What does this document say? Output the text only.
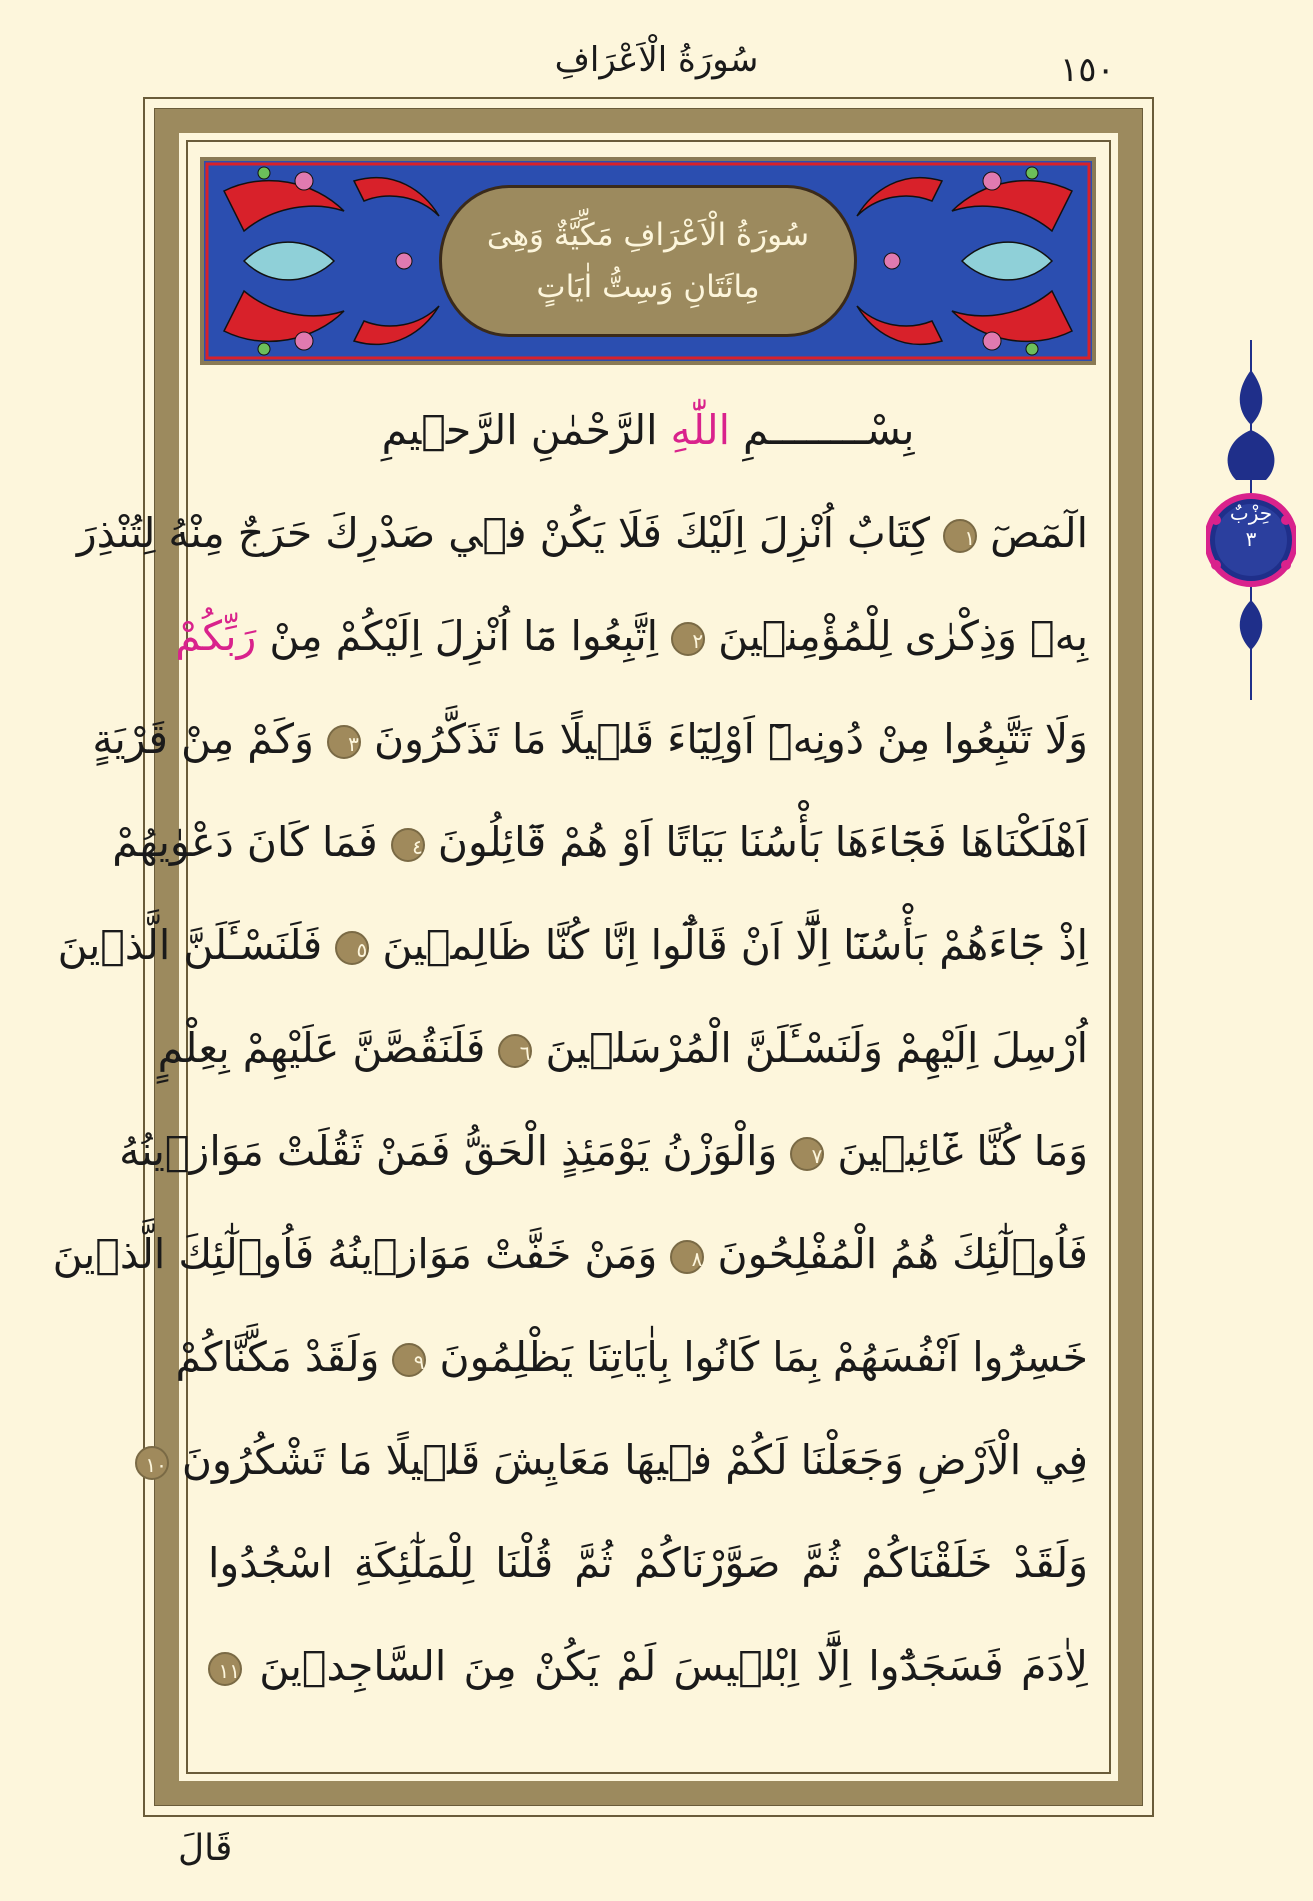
١٥٠
سُورَةُ الْاَعْرَافِ
سُورَةُ الْاَعْرَافِ مَكِّيَّةٌ وَهِىَ
مِائَتَانِ وَسِتُّ اٰيَاتٍ
بِسْــــــــمِ اللّٰهِ الرَّحْمٰنِ الرَّح۪يمِ
الٓمٓصٓ ١ كِتَابٌ اُنْزِلَ اِلَيْكَ فَلَا يَكُنْ ف۪ي صَدْرِكَ حَرَجٌ مِنْهُ لِتُنْذِرَ
بِه۪ وَذِكْرٰى لِلْمُؤْمِن۪ينَ ٢ اِتَّبِعُوا مَٓا اُنْزِلَ اِلَيْكُمْ مِنْ رَبِّكُمْ
وَلَا تَتَّبِعُوا مِنْ دُونِه۪ٓ اَوْلِيَٓاءَ قَل۪يلًا مَا تَذَكَّرُونَ ٣ وَكَمْ مِنْ قَرْيَةٍ
اَهْلَكْنَاهَا فَجَٓاءَهَا بَأْسُنَا بَيَاتًا اَوْ هُمْ قَٓائِلُونَ ٤ فَمَا كَانَ دَعْوٰيهُمْ
اِذْ جَٓاءَهُمْ بَأْسُنَٓا اِلَّٓا اَنْ قَالُٓوا اِنَّا كُنَّا ظَالِم۪ينَ ٥ فَلَنَسْـَٔلَنَّ الَّذ۪ينَ
اُرْسِلَ اِلَيْهِمْ وَلَنَسْـَٔلَنَّ الْمُرْسَل۪ينَ ٦ فَلَنَقُصَّنَّ عَلَيْهِمْ بِعِلْمٍ
وَمَا كُنَّا غَٓائِب۪ينَ ٧ وَالْوَزْنُ يَوْمَئِذٍ الْحَقُّ فَمَنْ ثَقُلَتْ مَوَاز۪ينُهُ
فَاُو۬لٰٓئِكَ هُمُ الْمُفْلِحُونَ ٨ وَمَنْ خَفَّتْ مَوَاز۪ينُهُ فَاُو۬لٰٓئِكَ الَّذ۪ينَ
خَسِرُٓوا اَنْفُسَهُمْ بِمَا كَانُوا بِاٰيَاتِنَا يَظْلِمُونَ ٩ وَلَقَدْ مَكَّنَّاكُمْ
فِي الْاَرْضِ وَجَعَلْنَا لَكُمْ ف۪يهَا مَعَايِشَ قَل۪يلًا مَا تَشْكُرُونَ ١٠
وَلَقَدْ خَلَقْنَاكُمْ ثُمَّ صَوَّرْنَاكُمْ ثُمَّ قُلْنَا لِلْمَلٰٓئِكَةِ اسْجُدُوا
لِاٰدَمَ فَسَجَدُٓوا اِلَّٓا اِبْل۪يسَ لَمْ يَكُنْ مِنَ السَّاجِد۪ينَ ١١
حِزْبٌ
٣
قَالَ
